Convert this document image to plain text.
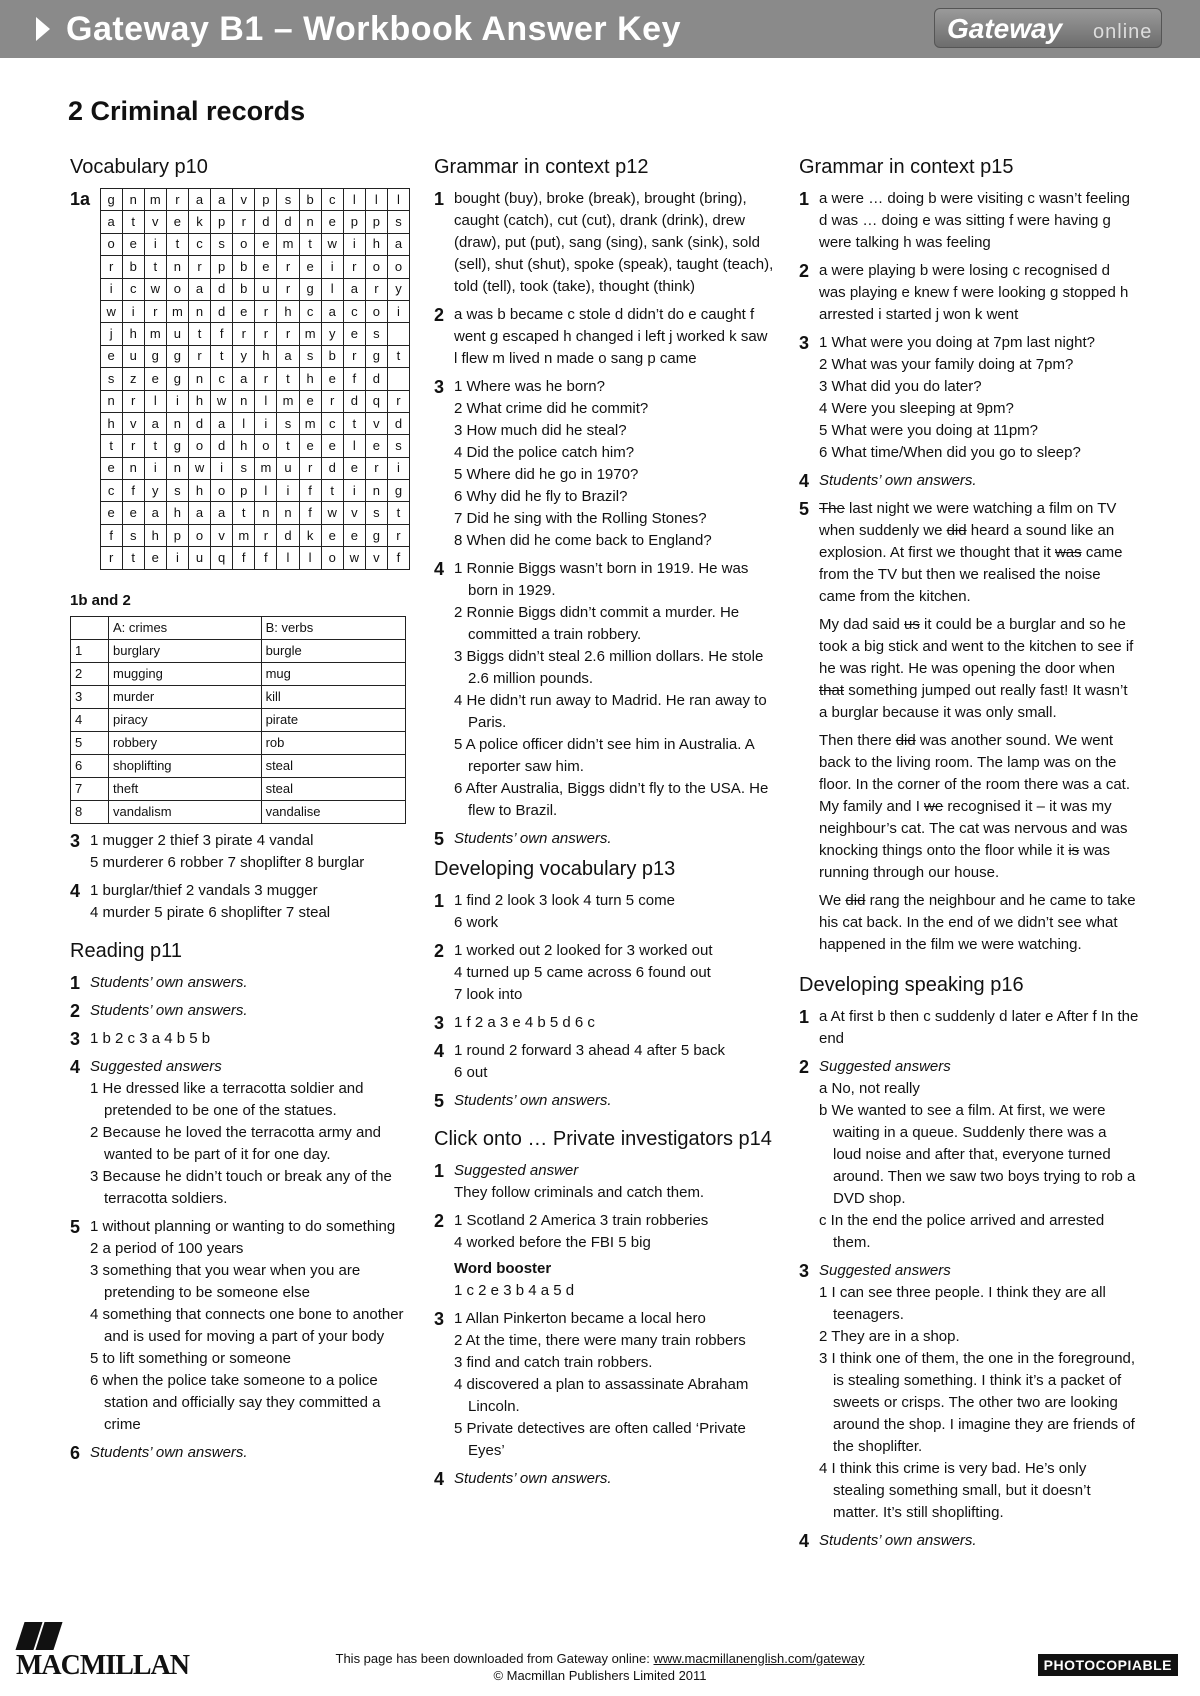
Gateway B1 – Workbook Answer Key	Gateway online
2 Criminal records
Vocabulary p10
1a	g	n	m	r	a	a	v	p	s	b	c	l	l	l
a	t	v	e	k	p	r	d	d	n	e	p	p	s
o	e	i	t	c	s	o	e	m	t	w	i	h	a
r	b	t	n	r	p	b	e	r	e	i	r	o	o
i	c	w	o	a	d	b	u	r	g	l	a	r	y
w	i	r	m	n	d	e	r	h	c	a	c	o	i
j	h	m	u	t	f	r	r	r	m	y	e	s	
e	u	g	g	r	t	y	h	a	s	b	r	g	t
s	z	e	g	n	c	a	r	t	h	e	f	d	
n	r	l	i	h	w	n	l	m	e	r	d	q	r
h	v	a	n	d	a	l	i	s	m	c	t	v	d
t	r	t	g	o	d	h	o	t	e	e	l	e	s
e	n	i	n	w	i	s	m	u	r	d	e	r	i
c	f	y	s	h	o	p	l	i	f	t	i	n	g
e	e	a	h	a	a	t	n	n	f	w	v	s	t
f	s	h	p	o	v	m	r	d	k	e	e	g	r
r	t	e	i	u	q	f	f	l	l	o	w	v	f
1b and 2
	A: crimes	B: verbs
1	burglary	burgle
2	mugging	mug
3	murder	kill
4	piracy	pirate
5	robbery	rob
6	shoplifting	steal
7	theft	steal
8	vandalism	vandalise
3 1 mugger 2 thief 3 pirate 4 vandal
5 murderer 6 robber 7 shoplifter 8 burglar
4 1 burglar/thief 2 vandals 3 mugger
4 murder 5 pirate 6 shoplifter 7 steal
Reading p11
1 Students’ own answers.
2 Students’ own answers.
3 1 b 2 c 3 a 4 b 5 b
4 Suggested answers
1 He dressed like a terracotta soldier and pretended to be one of the statues.
2 Because he loved the terracotta army and wanted to be part of it for one day.
3 Because he didn’t touch or break any of the terracotta soldiers.
5 1 without planning or wanting to do something
2 a period of 100 years
3 something that you wear when you are pretending to be someone else
4 something that connects one bone to another and is used for moving a part of your body
5 to lift something or someone
6 when the police take someone to a police station and officially say they committed a crime
6 Students’ own answers.
Grammar in context p12
1 bought (buy), broke (break), brought (bring), caught (catch), cut (cut), drank (drink), drew (draw), put (put), sang (sing), sank (sink), sold (sell), shut (shut), spoke (speak), taught (teach), told (tell), took (take), thought (think)
2 a was b became c stole d didn’t do e caught f went g escaped h changed i left j worked k saw l flew m lived n made o sang p came
3 1 Where was he born?
2 What crime did he commit?
3 How much did he steal?
4 Did the police catch him?
5 Where did he go in 1970?
6 Why did he fly to Brazil?
7 Did he sing with the Rolling Stones?
8 When did he come back to England?
4 1 Ronnie Biggs wasn’t born in 1919. He was born in 1929.
2 Ronnie Biggs didn’t commit a murder. He committed a train robbery.
3 Biggs didn’t steal 2.6 million dollars. He stole 2.6 million pounds.
4 He didn’t run away to Madrid. He ran away to Paris.
5 A police officer didn’t see him in Australia. A reporter saw him.
6 After Australia, Biggs didn’t fly to the USA. He flew to Brazil.
5 Students’ own answers.
Developing vocabulary p13
1 1 find 2 look 3 look 4 turn 5 come
6 work
2 1 worked out 2 looked for 3 worked out
4 turned up 5 came across 6 found out
7 look into
3 1 f 2 a 3 e 4 b 5 d 6 c
4 1 round 2 forward 3 ahead 4 after 5 back
6 out
5 Students’ own answers.
Click onto … Private investigators p14
1 Suggested answer
They follow criminals and catch them.
2 1 Scotland 2 America 3 train robberies
4 worked before the FBI 5 big
Word booster
1 c 2 e 3 b 4 a 5 d
3 1 Allan Pinkerton became a local hero
2 At the time, there were many train robbers
3 find and catch train robbers.
4 discovered a plan to assassinate Abraham Lincoln.
5 Private detectives are often called ‘Private Eyes’
4 Students’ own answers.
Grammar in context p15
1 a were … doing b were visiting c wasn’t feeling d was … doing e was sitting f were having g were talking h was feeling
2 a were playing b were losing c recognised d was playing e knew f were looking g stopped h arrested i started j won k went
3 1 What were you doing at 7pm last night?
2 What was your family doing at 7pm?
3 What did you do later?
4 Were you sleeping at 9pm?
5 What were you doing at 11pm?
6 What time/When did you go to sleep?
4 Students’ own answers.
5 The last night we were watching a film on TV when suddenly we did heard a sound like an explosion. At first we thought that it was came from the TV but then we realised the noise came from the kitchen.
My dad said us it could be a burglar and so he took a big stick and went to the kitchen to see if he was right. He was opening the door when that something jumped out really fast! It wasn’t a burglar because it was only small.
Then there did was another sound. We went back to the living room. The lamp was on the floor. In the corner of the room there was a cat. My family and I we recognised it – it was my neighbour’s cat. The cat was nervous and was knocking things onto the floor while it is was running through our house.
We did rang the neighbour and he came to take his cat back. In the end of we didn’t see what happened in the film we were watching.
Developing speaking p16
1 a At first b then c suddenly d later e After f In the end
2 Suggested answers
a No, not really
b We wanted to see a film. At first, we were waiting in a queue. Suddenly there was a loud noise and after that, everyone turned around. Then we saw two boys trying to rob a DVD shop.
c In the end the police arrived and arrested them.
3 Suggested answers
1 I can see three people. I think they are all teenagers.
2 They are in a shop.
3 I think one of them, the one in the foreground, is stealing something. I think it’s a packet of sweets or crisps. The other two are looking around the shop. I imagine they are friends of the shoplifter.
4 I think this crime is very bad. He’s only stealing something small, but it doesn’t matter. It’s still shoplifting.
4 Students’ own answers.
MACMILLAN	This page has been downloaded from Gateway online: www.macmillanenglish.com/gateway
© Macmillan Publishers Limited 2011
PHOTOCOPIABLE
